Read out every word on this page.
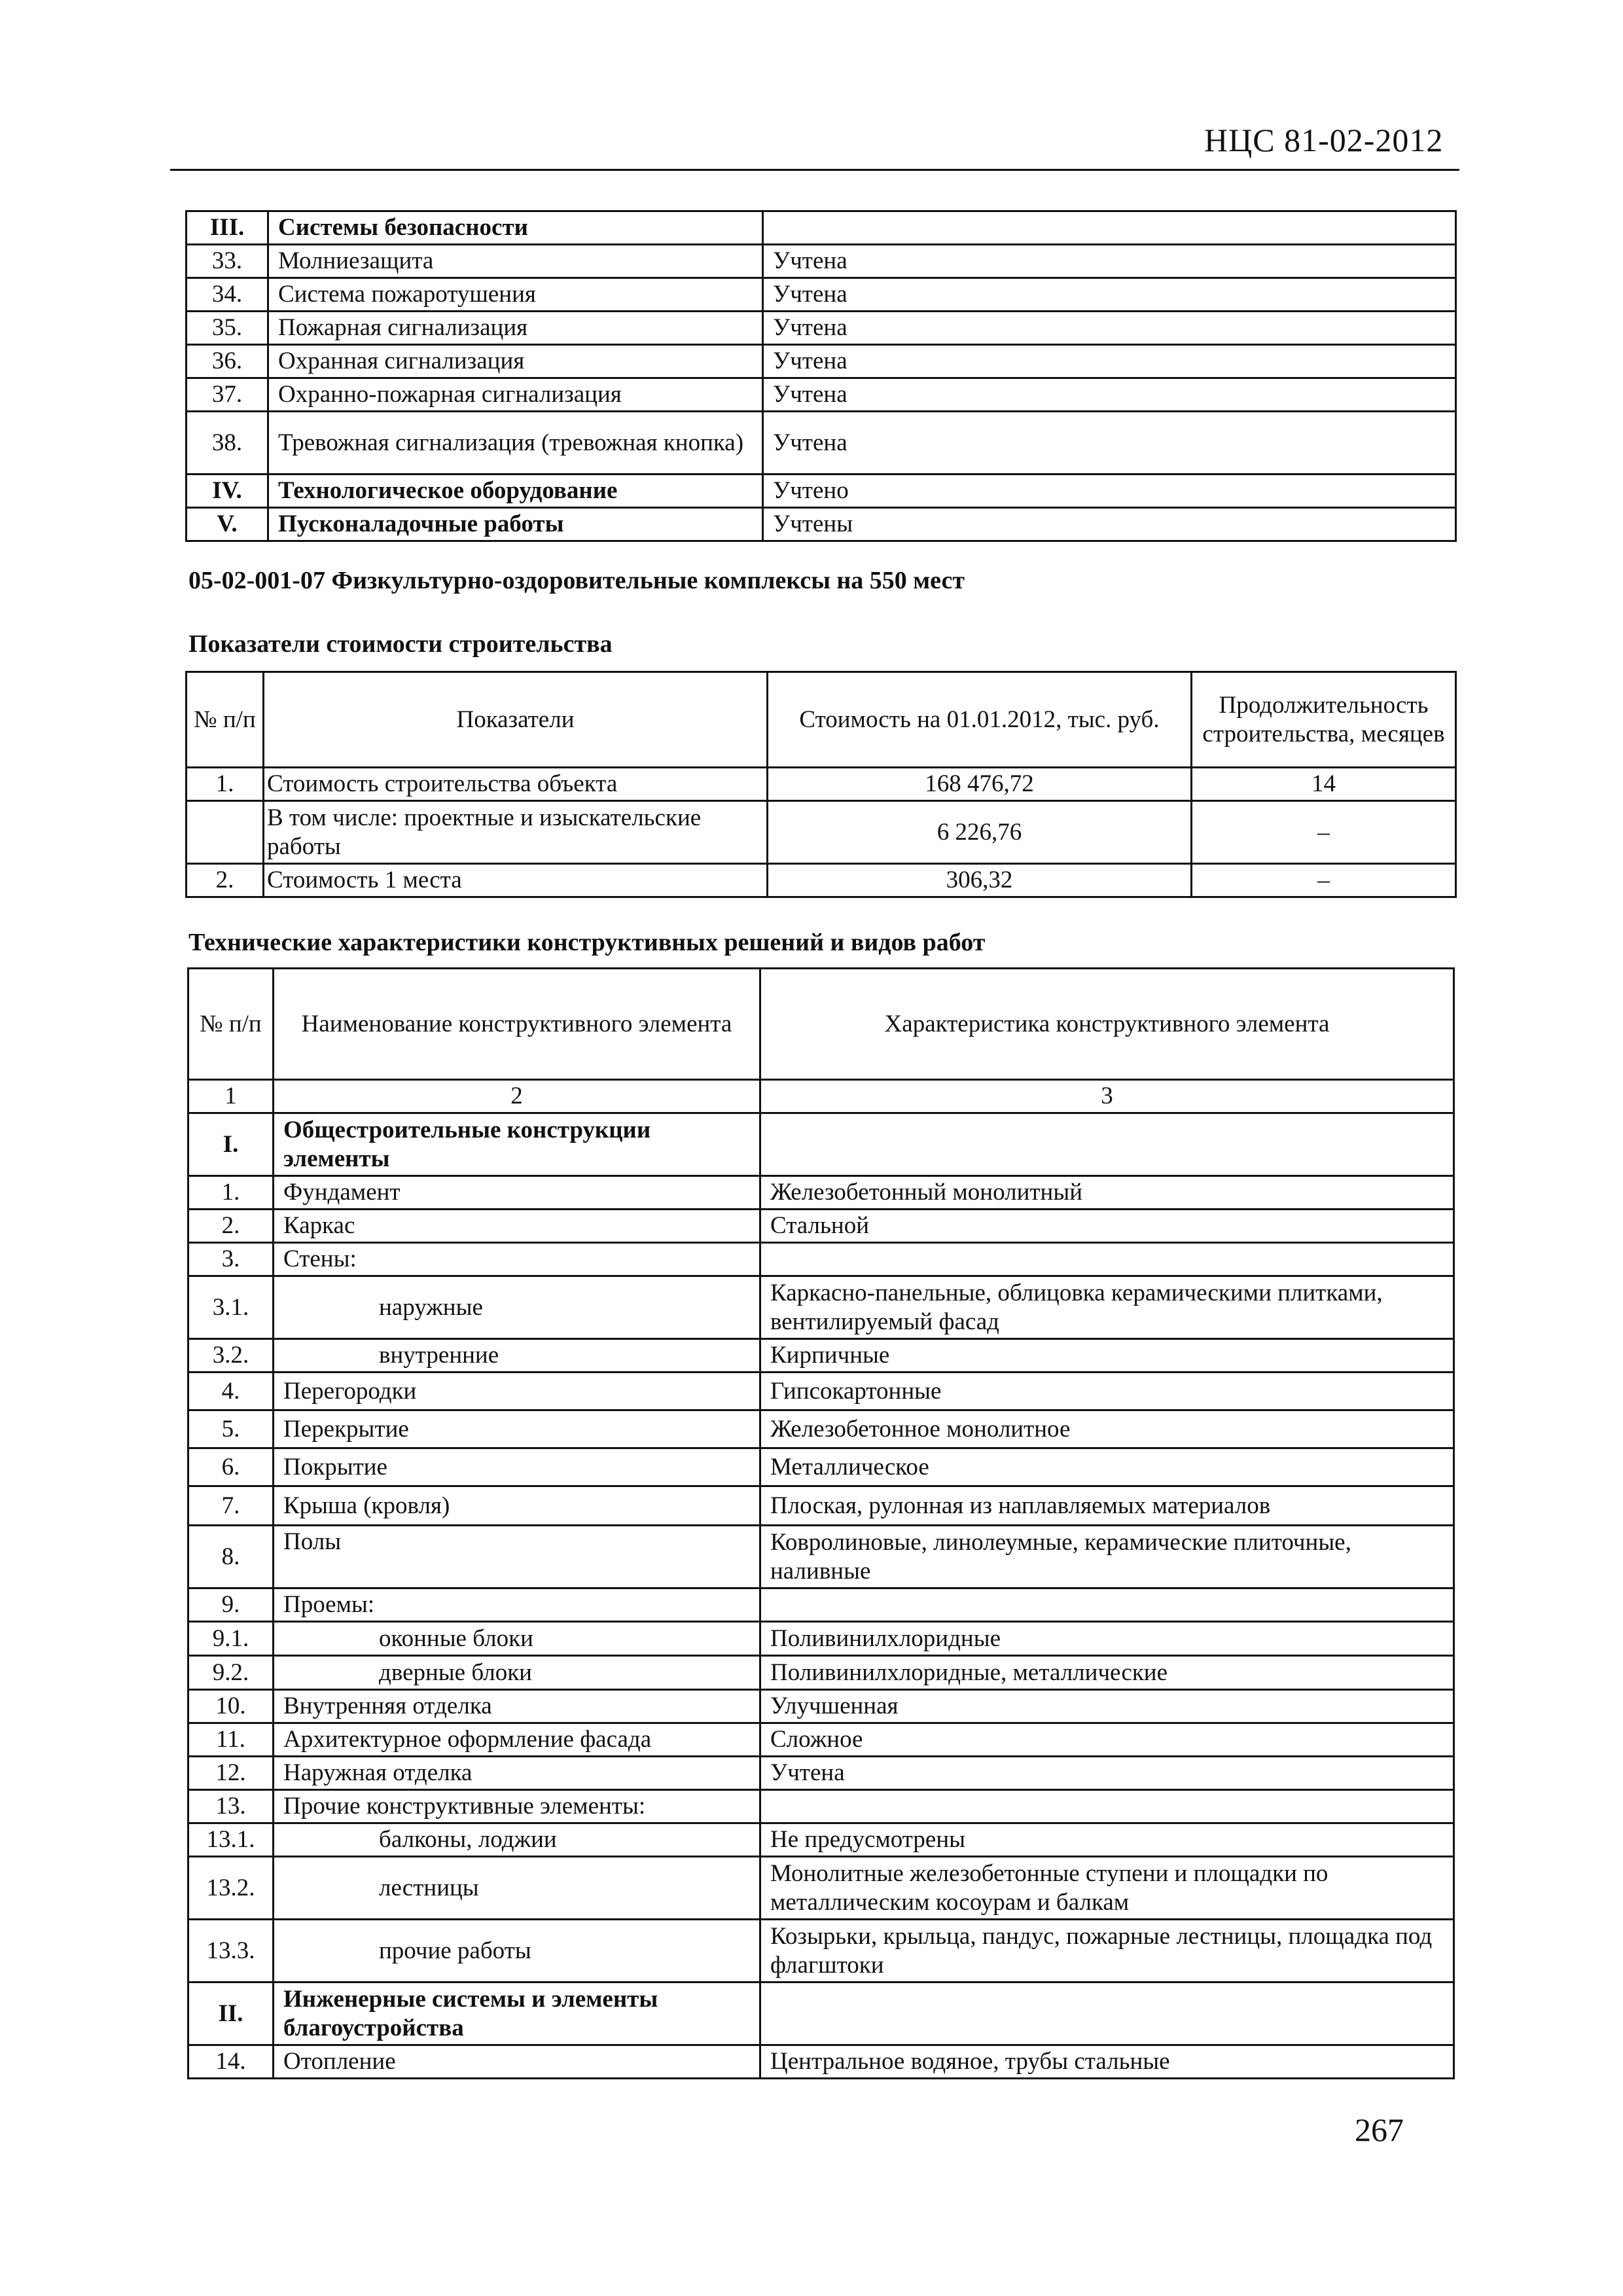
НЦС 81-02-2012
III.	Системы безопасности	
33.	Молниезащита	Учтена
34.	Система пожаротушения	Учтена
35.	Пожарная сигнализация	Учтена
36.	Охранная сигнализация	Учтена
37.	Охранно-пожарная сигнализация	Учтена
38.	Тревожная сигнализация (тревожная кнопка)	Учтена
IV.	Технологическое оборудование	Учтено
V.	Пусконаладочные работы	Учтены
05-02-001-07 Физкультурно-оздоровительные комплексы на 550 мест
Показатели стоимости строительства
№ п/п	Показатели	Стоимость на 01.01.2012, тыс. руб.	Продолжительность строительства, месяцев
1.	Стоимость строительства объекта	168 476,72	14
	В том числе: проектные и изыскательские работы	6 226,76	–
2.	Стоимость 1 места	306,32	–
Технические характеристики конструктивных решений и видов работ
№ п/п	Наименование конструктивного элемента	Характеристика конструктивного элемента
1	2	3
I.	Общестроительные конструкции элементы	
1.	Фундамент	Железобетонный монолитный
2.	Каркас	Стальной
3.	Стены:	
3.1.	наружные	Каркасно-панельные, облицовка керамическими плитками, вентилируемый фасад
3.2.	внутренние	Кирпичные
4.	Перегородки	Гипсокартонные
5.	Перекрытие	Железобетонное монолитное
6.	Покрытие	Металлическое
7.	Крыша (кровля)	Плоская, рулонная из наплавляемых материалов
8.	Полы	Ковролиновые, линолеумные, керамические плиточные, наливные
9.	Проемы:	
9.1.	оконные блоки	Поливинилхлоридные
9.2.	дверные блоки	Поливинилхлоридные, металлические
10.	Внутренняя отделка	Улучшенная
11.	Архитектурное оформление фасада	Сложное
12.	Наружная отделка	Учтена
13.	Прочие конструктивные элементы:	
13.1.	балконы, лоджии	Не предусмотрены
13.2.	лестницы	Монолитные железобетонные ступени и площадки по металлическим косоурам и балкам
13.3.	прочие работы	Козырьки, крыльца, пандус, пожарные лестницы, площадка под флагштоки
II.	Инженерные системы и элементы благоустройства	
14.	Отопление	Центральное водяное, трубы стальные
267
